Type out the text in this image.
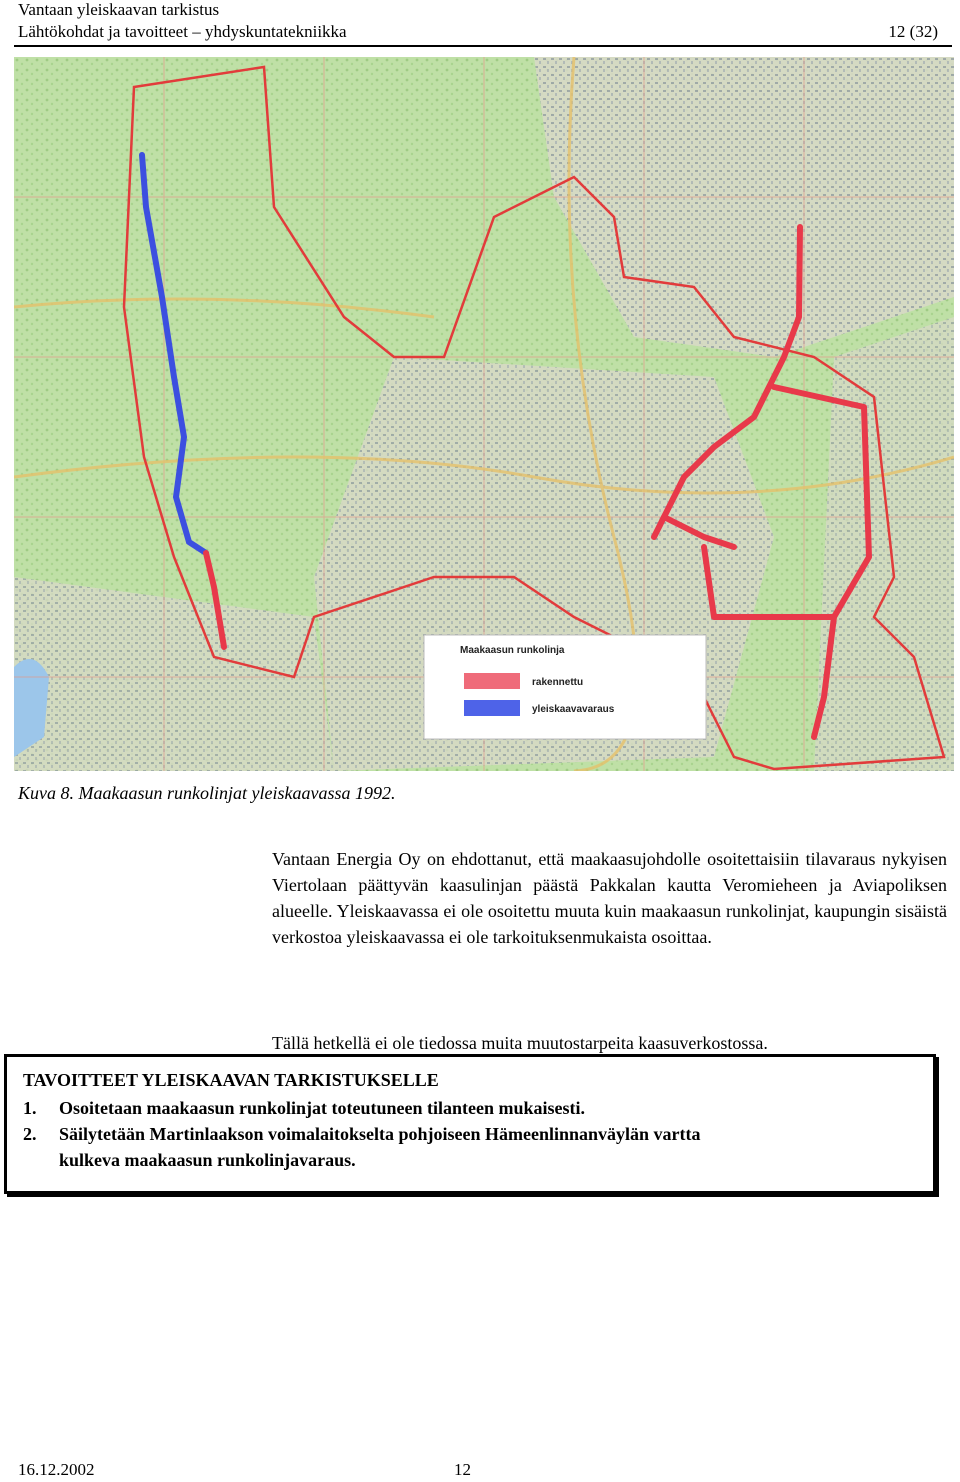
Vantaan yleiskaavan tarkistus
Lähtökohdat ja tavoitteet – yhdyskuntatekniikka	12 (32)
Maakaasun runkolinja
rakennettu
yleiskaavavaraus
Kuva 8. Maakaasun runkolinjat yleiskaavassa 1992.
Vantaan Energia Oy on ehdottanut, että maakaasujohdolle osoitettaisiin tilavaraus nykyisen Viertolaan päättyvän kaasulinjan päästä Pakkalan kautta Veromieheen ja Aviapoliksen alueelle. Yleiskaavassa ei ole osoitettu muuta kuin maakaasun runkolinjat, kaupungin sisäistä verkostoa yleiskaavassa ei ole tarkoituksenmukaista osoittaa.
Tällä hetkellä ei ole tiedossa muita muutostarpeita kaasuverkostossa.
TAVOITTEET YLEISKAAVAN TARKISTUKSELLE
1. Osoitetaan maakaasun runkolinjat toteutuneen tilanteen mukaisesti.
2. Säilytetään Martinlaakson voimalaitokselta pohjoiseen Hämeenlinnanväylän vartta
kulkeva maakaasun runkolinjavaraus.
16.12.2002	12
